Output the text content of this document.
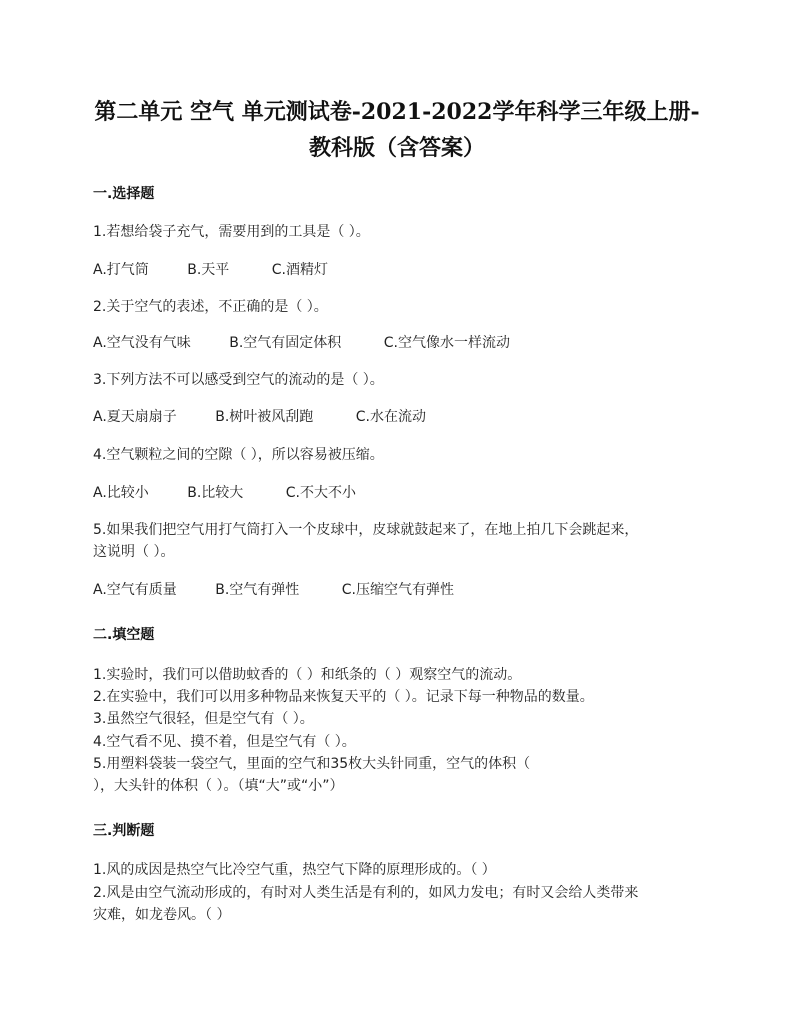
第二单元 空气 单元测试卷-2021-2022学年科学三年级上册-
教科版（含答案）
一.选择题
1.若想给袋子充气，需要用到的工具是（ ）。
A.打气筒	B.天平	C.酒精灯
2.关于空气的表述，不正确的是（ ）。
A.空气没有气味	B.空气有固定体积	C.空气像水一样流动
3.下列方法不可以感受到空气的流动的是（ ）。
A.夏天扇扇子	B.树叶被风刮跑	C.水在流动
4.空气颗粒之间的空隙（ ），所以容易被压缩。
A.比较小	B.比较大	C.不大不小
5.如果我们把空气用打气筒打入一个皮球中，皮球就鼓起来了，在地上拍几下会跳起来，
这说明（ ）。
A.空气有质量	B.空气有弹性	C.压缩空气有弹性
二.填空题
1.实验时，我们可以借助蚊香的（ ）和纸条的（ ）观察空气的流动。
2.在实验中，我们可以用多种物品来恢复天平的（ ）。记录下每一种物品的数量。
3.虽然空气很轻，但是空气有（ ）。
4.空气看不见、摸不着，但是空气有（ ）。
5.用塑料袋装一袋空气，里面的空气和35枚大头针同重，空气的体积（
），大头针的体积（ ）。（填“大”或“小”）
三.判断题
1.风的成因是热空气比冷空气重，热空气下降的原理形成的。（ ）
2.风是由空气流动形成的，有时对人类生活是有利的，如风力发电；有时又会给人类带来
灾难，如龙卷风。（ ）
